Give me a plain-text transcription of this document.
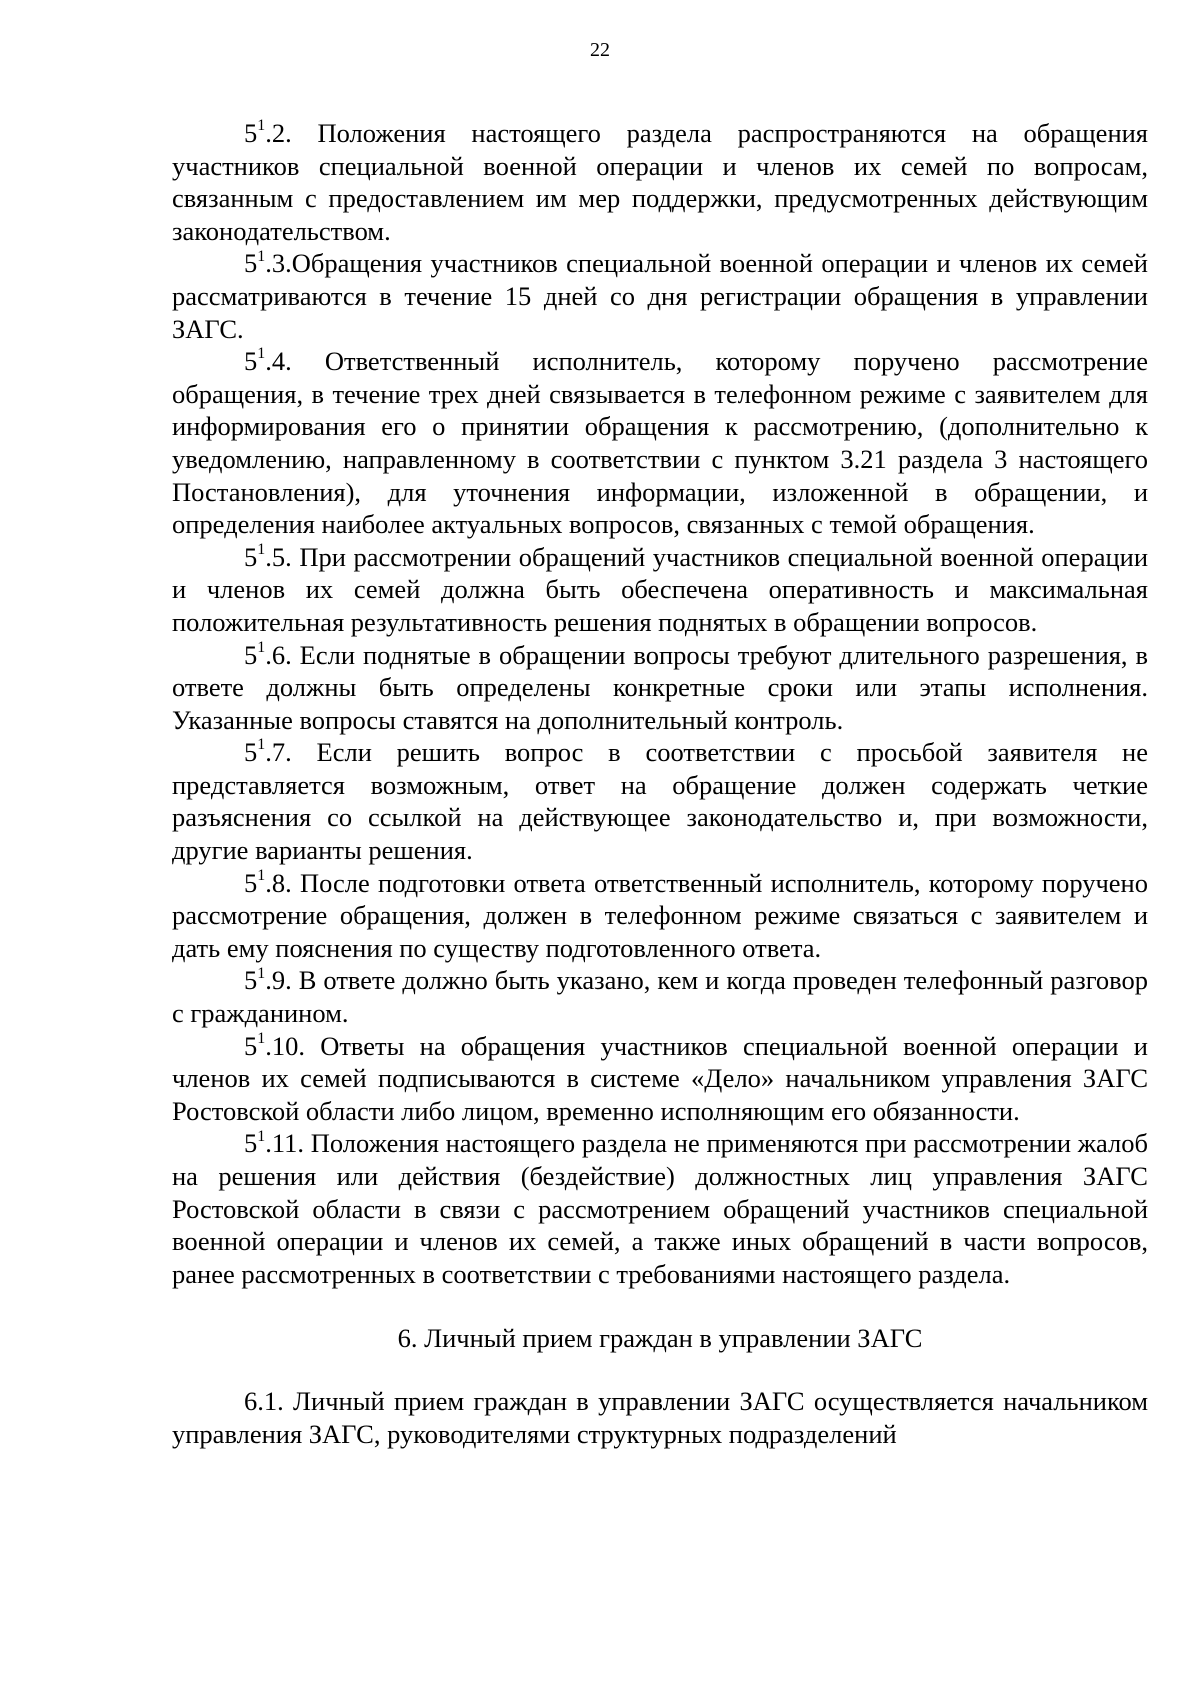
22

$5^1.2$. Положения настоящего раздела распространяются на обращения участников специальной военной операции и членов их семей по вопросам, связанным с предоставлением им мер поддержки, предусмотренных действующим законодательством.

$5^1.3.Обращения$ участников специальной военной операции и членов их семей рассматриваются в течение 15 дней со дня регистрации обращения в управлении ЗАГС.

$5^1.4$. Ответственный исполнитель, которому поручено рассмотрение обращения, в течение трех дней связывается в телефонном режиме с заявителем для информирования его о принятии обращения к рассмотрению, (дополнительно к уведомлению, направленному в соответствии с пунктом 3.21 раздела 3 настоящего Постановления), для уточнения информации, изложенной в обращении, и определения наиболее актуальных вопросов, связанных с темой обращения.

$5^1.5$. При рассмотрении обращений участников специальной военной операции и членов их семей должна быть обеспечена оперативность и максимальная положительная результативность решения поднятых в обращении вопросов.

$5^1.6$. Если поднятые в обращении вопросы требуют длительного разрешения, в ответе должны быть определены конкретные сроки или этапы исполнения. Указанные вопросы ставятся на дополнительный контроль.

$5^1.7$. Если решить вопрос в соответствии с просьбой заявителя не представляется возможным, ответ на обращение должен содержать четкие разъяснения со ссылкой на действующее законодательство и, при возможности, другие варианты решения.

$5^1.8$. После подготовки ответа ответственный исполнитель, которому поручено рассмотрение обращения, должен в телефонном режиме связаться с заявителем и дать ему пояснения по существу подготовленного ответа.

$5^1.9$. В ответе должно быть указано, кем и когда проведен телефонный разговор с гражданином.

$5^1.10$. Ответы на обращения участников специальной военной операции и членов их семей подписываются в системе «Дело» начальником управления ЗАГС Ростовской области либо лицом, временно исполняющим его обязанности.

$5^1.11$. Положения настоящего раздела не применяются при рассмотрении жалоб на решения или действия (бездействие) должностных лиц управления ЗАГС Ростовской области в связи с рассмотрением обращений участников специальной военной операции и членов их семей, а также иных обращений в части вопросов, ранее рассмотренных в соответствии с требованиями настоящего раздела.

6. Личный прием граждан в управлении ЗАГС

6.1. Личный прием граждан в управлении ЗАГС осуществляется начальником управления ЗАГС, руководителями структурных подразделений
